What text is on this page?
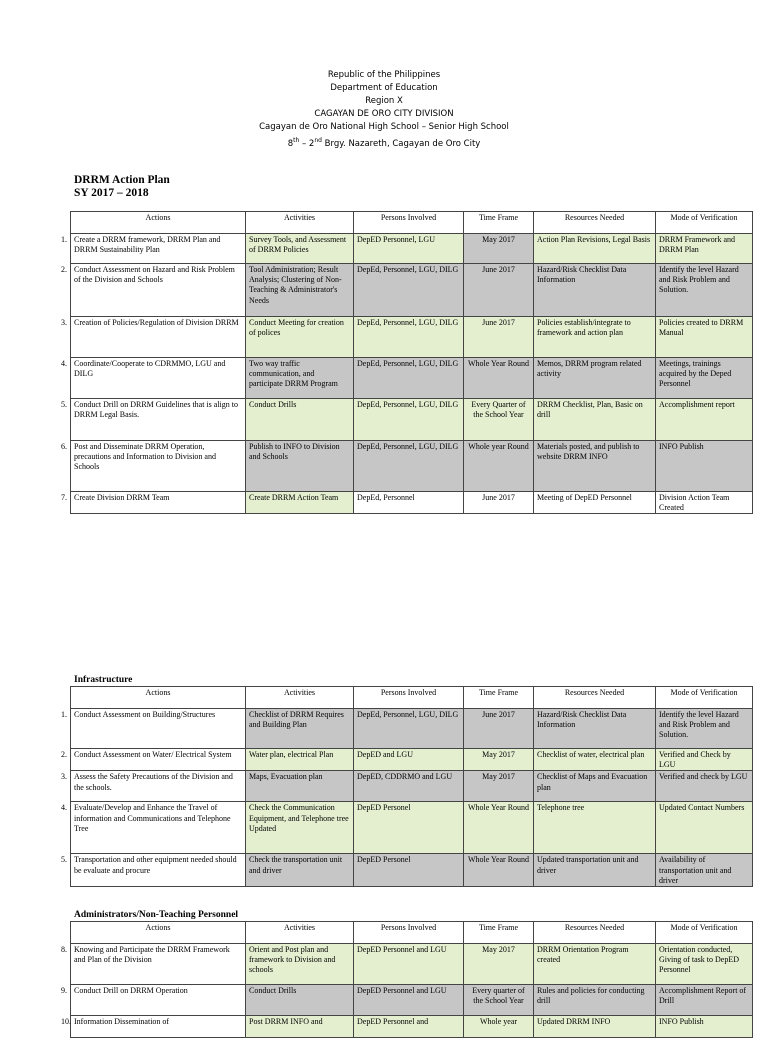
Republic of the Philippines
Department of Education
Region X
CAGAYAN DE ORO CITY DIVISION
Cagayan de Oro National High School – Senior High School
8th – 2nd Brgy. Nazareth, Cagayan de Oro City
DRRM Action Plan
SY 2017 – 2018
Actions	Activities	Persons Involved	Time Frame	Resources Needed	Mode of Verification
1. Create a DRRM framework, DRRM Plan and DRRM Sustainability Plan	Survey Tools, and Assessment of DRRM Policies	DepED Personnel, LGU	May 2017	Action Plan Revisions, Legal Basis	DRRM Framework and DRRM Plan
2. Conduct Assessment on Hazard and Risk Problem of the Division and Schools	Tool Administration; Result Analysis; Clustering of Non-Teaching & Administrator's Needs	DepEd, Personnel, LGU, DILG	June 2017	Hazard/Risk Checklist Data Information	Identify the level Hazard and Risk Problem and Solution.
3. Creation of Policies/Regulation of Division DRRM	Conduct Meeting for creation of polices	DepEd, Personnel, LGU, DILG	June 2017	Policies establish/integrate to framework and action plan	Policies created to DRRM Manual
4. Coordinate/Cooperate to CDRMMO, LGU and DILG	Two way traffic communication, and participate DRRM Program	DepEd, Personnel, LGU, DILG	Whole Year Round	Memos, DRRM program related activity	Meetings, trainings acquired by the Deped Personnel
5. Conduct Drill on DRRM Guidelines that is align to DRRM Legal Basis.	Conduct Drills	DepEd, Personnel, LGU, DILG	Every Quarter of the School Year	DRRM Checklist, Plan, Basic on drill	Accomplishment report
6. Post and Disseminate DRRM Operation, precautions and Information to Division and Schools	Publish to INFO to Division and Schools	DepEd, Personnel, LGU, DILG	Whole year Round	Materials posted, and publish to website DRRM INFO	INFO Publish
7. Create Division DRRM Team	Create DRRM Action Team	DepEd, Personnel	June 2017	Meeting of DepED Personnel	Division Action Team Created
Infrastructure
Actions	Activities	Persons Involved	Time Frame	Resources Needed	Mode of Verification
1. Conduct Assessment on Building/Structures	Checklist of DRRM Requires and Building Plan	DepEd, Personnel, LGU, DILG	June 2017	Hazard/Risk Checklist Data Information	Identify the level Hazard and Risk Problem and Solution.
2. Conduct Assessment on Water/ Electrical System	Water plan, electrical Plan	DepED and LGU	May 2017	Checklist of water, electrical plan	Verified and Check by LGU
3. Assess the Safety Precautions of the Division and the schools.	Maps, Evacuation plan	DepED, CDDRMO and LGU	May 2017	Checklist of Maps and Evacuation plan	Verified and check by LGU
4. Evaluate/Develop and Enhance the Travel of information and Communications and Telephone Tree	Check the Communication Equipment, and Telephone tree Updated	DepED Personel	Whole Year Round	Telephone tree	Updated Contact Numbers
5. Transportation and other equipment needed should be evaluate and procure	Check the transportation unit and driver	DepED Personel	Whole Year Round	Updated transportation unit and driver	Availability of transportation unit and driver
Administrators/Non-Teaching Personnel
Actions	Activities	Persons Involved	Time Frame	Resources Needed	Mode of Verification
8. Knowing and Participate the DRRM Framework and Plan of the Division	Orient and Post plan and framework to Division and schools	DepED Personnel and LGU	May 2017	DRRM Orientation Program created	Orientation conducted, Giving of task to DepED Personnel
9. Conduct Drill on DRRM Operation	Conduct Drills	DepED Personnel and LGU	Every quarter of the School Year	Rules and policies for conducting drill	Accomplishment Report of Drill
10. Information Dissemination of	Post DRRM INFO and	DepED Personnel and	Whole year	Updated DRRM INFO	INFO Publish
